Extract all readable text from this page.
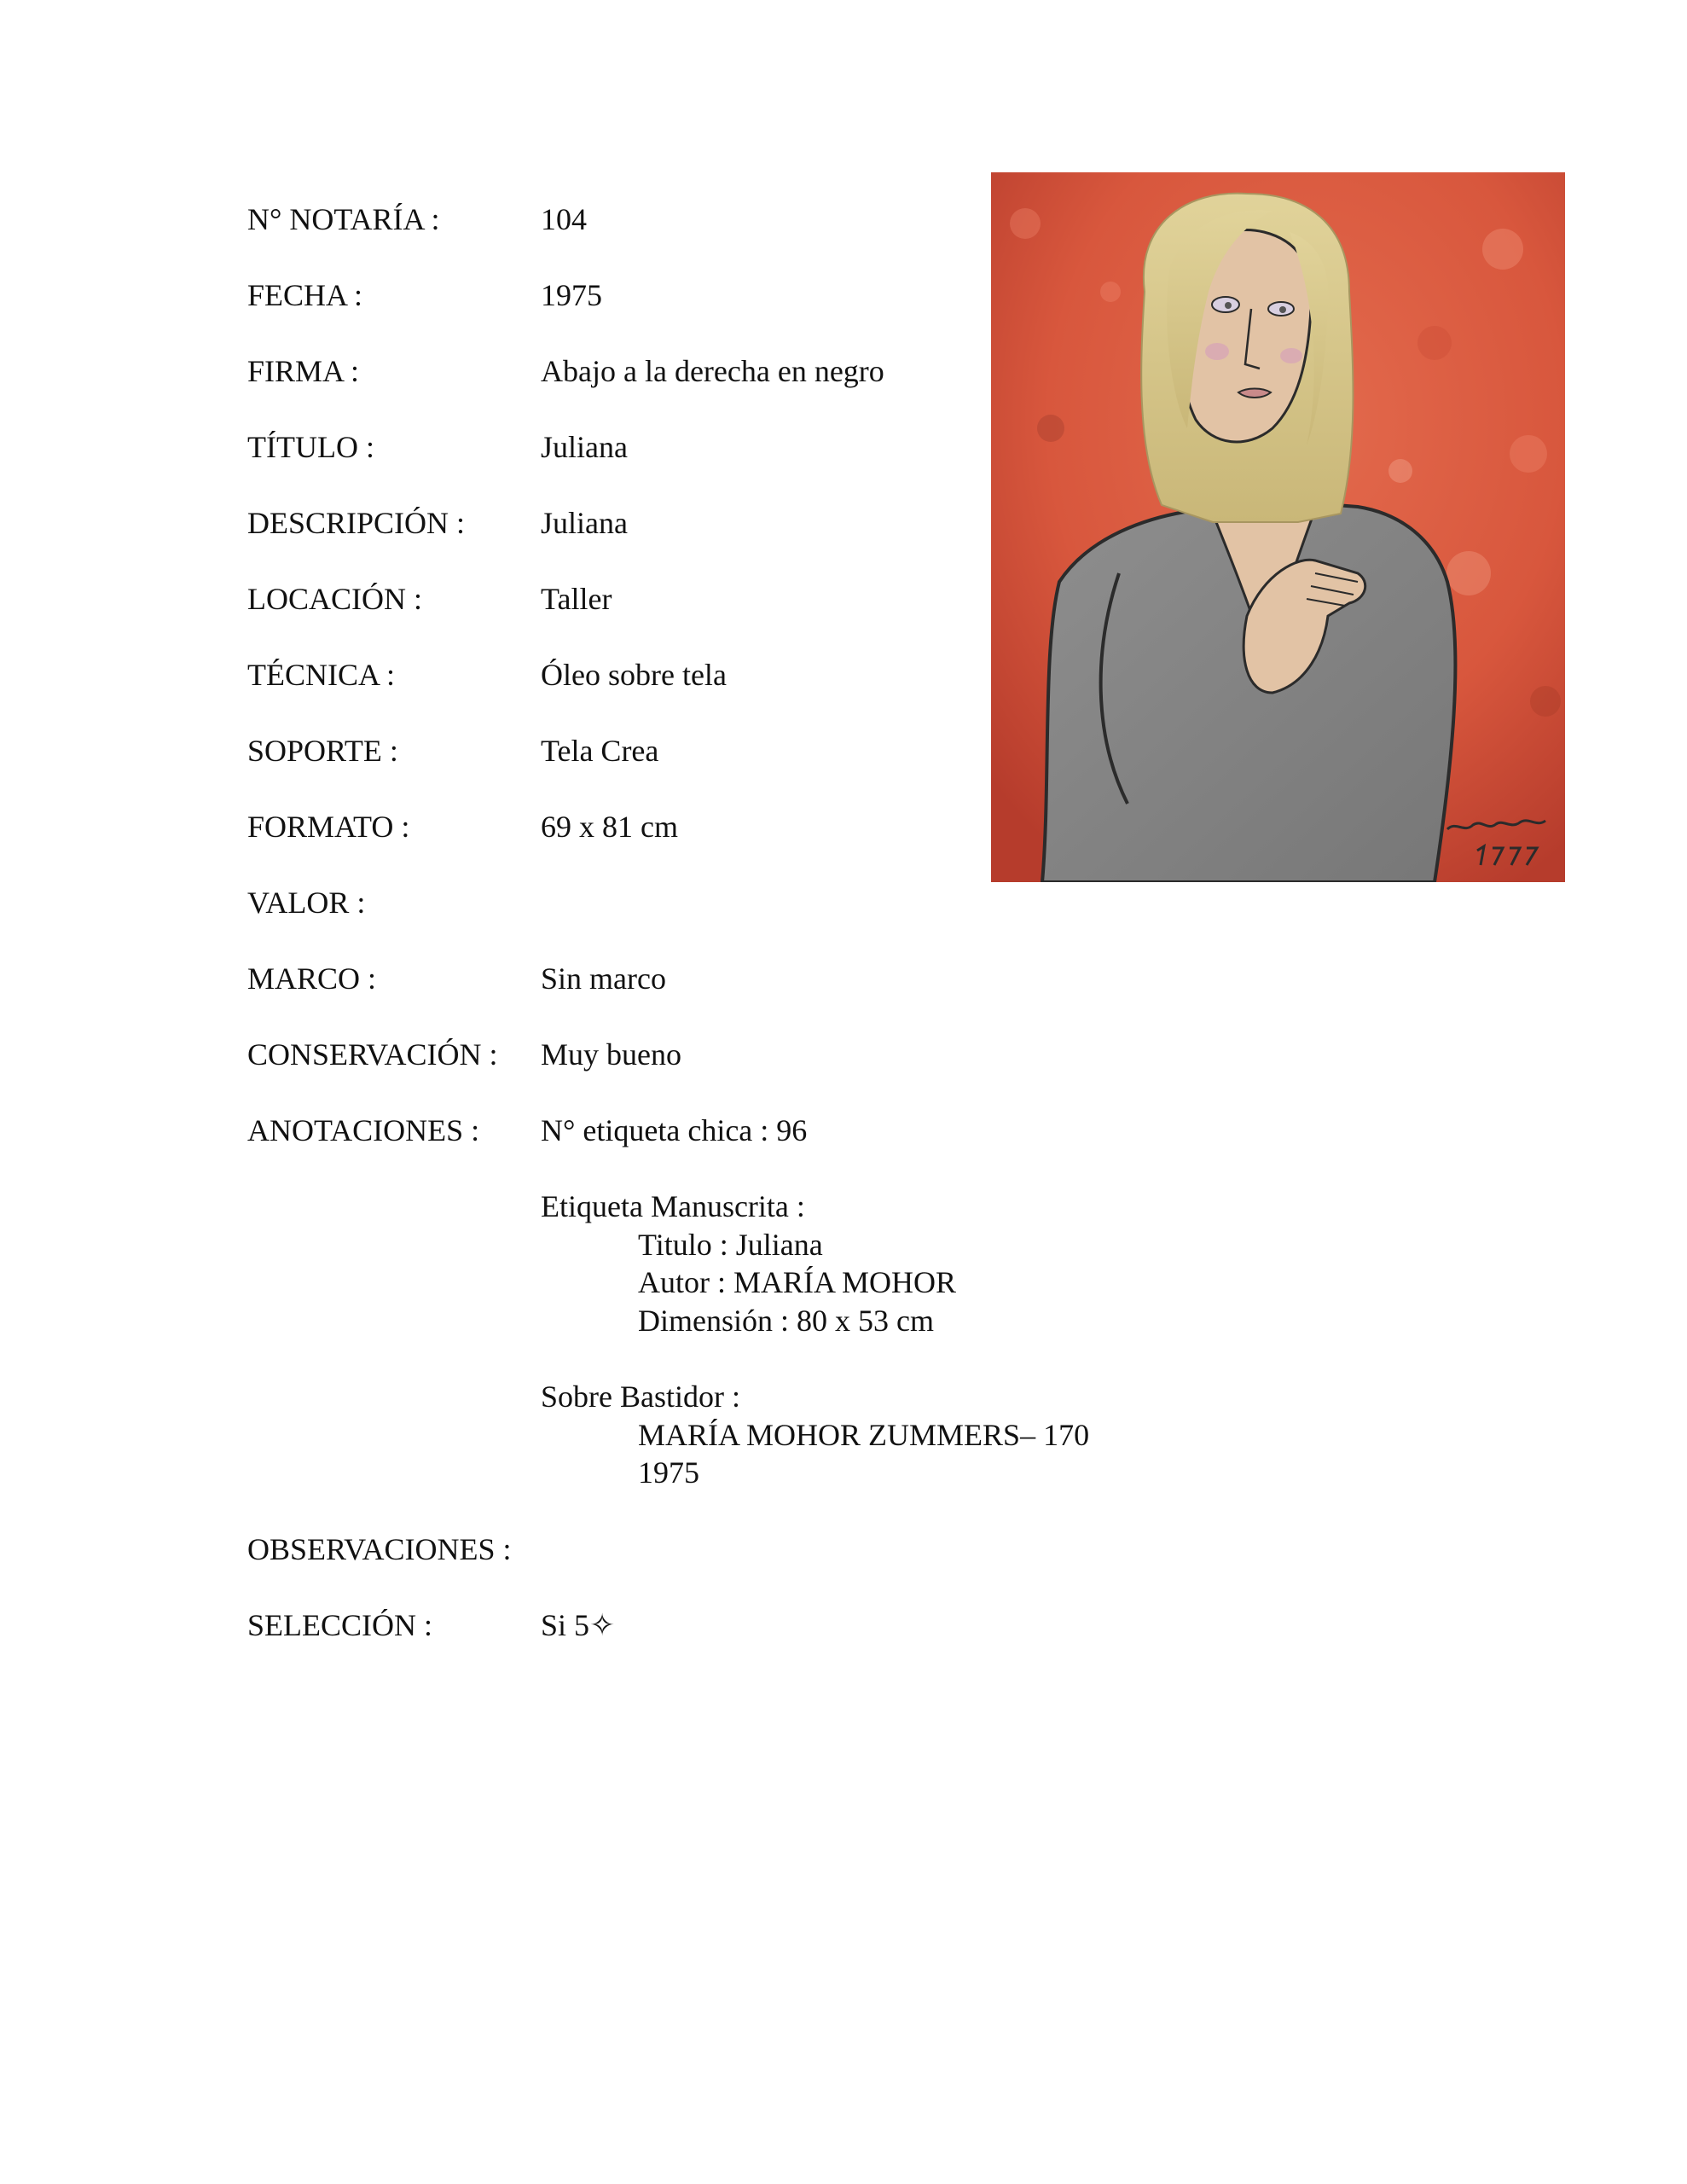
N° NOTARÍA :	104
FECHA :	1975
FIRMA :	Abajo a la derecha en negro
TÍTULO :	Juliana
DESCRIPCIÓN : Juliana
LOCACIÓN :	Taller
TÉCNICA :	Óleo sobre tela
SOPORTE :	Tela Crea
FORMATO :	69 x 81 cm
VALOR :
MARCO :	Sin marco
CONSERVACIÓN : Muy bueno
ANOTACIONES : N° etiqueta chica : 96
Etiqueta Manuscrita :
Titulo : Juliana
Autor : MARÍA MOHOR
Dimensión : 80 x 53 cm
Sobre Bastidor :
MARÍA MOHOR ZUMMERS– 170
1975
OBSERVACIONES :
SELECCIÓN :	Si 5✧
